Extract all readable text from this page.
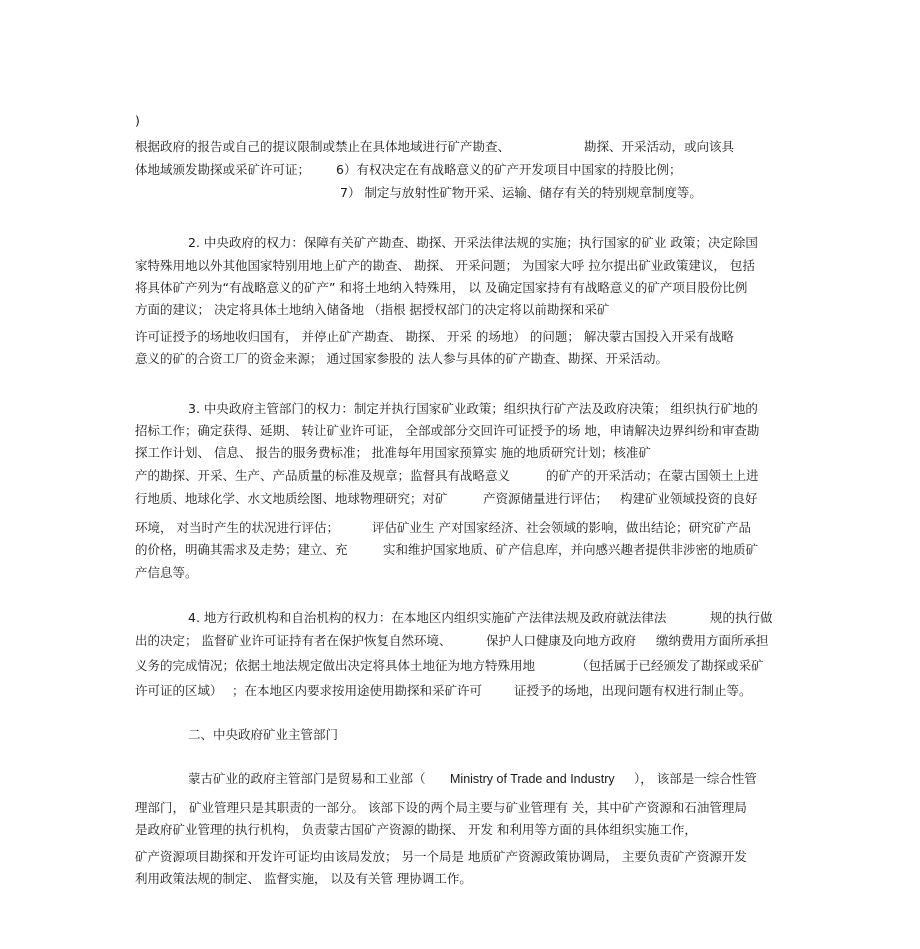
)
根据政府的报告或自己的提议限制或禁止在具体地域进行矿产勘查、	勘探、开采活动，或向该具
体地域颁发勘探或采矿许可证； 6）有权决定在有战略意义的矿产开发项目中国家的持股比例；
7） 制定与放射性矿物开采、运输、储存有关的特别规章制度等。
2. 中央政府的权力：保障有关矿产勘查、勘探、开采法律法规的实施；执行国家的矿业 政策；决定除国
家特殊用地以外其他国家特别用地上矿产的勘查、 勘探、 开采问题； 为国家大呼 拉尔提出矿业政策建议， 包括
将具体矿产列为“有战略意义的矿产” 和将土地纳入特殊用， 以 及确定国家持有有战略意义的矿产项目股份比例
方面的建议； 决定将具体土地纳入储备地 （指根 据授权部门的决定将以前勘探和采矿
许可证授予的场地收归国有， 并停止矿产勘查、 勘探、 开采 的场地） 的问题； 解决蒙古国投入开采有战略
意义的矿的合资工厂的资金来源； 通过国家参股的 法人参与具体的矿产勘查、勘探、开采活动。
3. 中央政府主管部门的权力：制定并执行国家矿业政策；组织执行矿产法及政府决策； 组织执行矿地的
招标工作；确定获得、延期、 转让矿业许可证， 全部或部分交回许可证授予的场 地，申请解决边界纠纷和审查勘
探工作计划、 信息、 报告的服务费标准； 批准每年用国家预算实 施的地质研究计划；核准矿
产的勘探、开采、生产、产品质量的标准及规章；监督具有战略意义	的矿产的开采活动；在蒙古国领土上进
行地质、地球化学、水文地质绘图、地球物理研究；对矿	产资源储量进行评估； 构建矿业领域投资的良好
环境， 对当时产生的状况进行评估；	评估矿业生 产对国家经济、社会领域的影响，做出结论；研究矿产品
的价格，明确其需求及走势；建立、充	实和维护国家地质、矿产信息库，并向感兴趣者提供非涉密的地质矿
产信息等。
4. 地方行政机构和自治机构的权力：在本地区内组织实施矿产法律法规及政府就法律法	规的执行做
出的决定； 监督矿业许可证持有者在保护恢复自然环境、	保护人口健康及向地方政府 缴纳费用方面所承担
义务的完成情况；依据土地法规定做出决定将具体土地征为地方特殊用地	（包括属于已经颁发了勘探或采矿
许可证的区域） ；在本地区内要求按用途使用勘探和采矿许可	证授予的场地，出现问题有权进行制止等。
二、中央政府矿业主管部门
蒙古矿业的政府主管部门是贸易和工业部（ Ministry of Trade and Industry ）， 该部是一综合性管
理部门， 矿业管理只是其职责的一部分。 该部下设的两个局主要与矿业管理有 关，其中矿产资源和石油管理局
是政府矿业管理的执行机构， 负责蒙古国矿产资源的勘探、 开发 和利用等方面的具体组织实施工作，
矿产资源项目勘探和开发许可证均由该局发放； 另一个局是 地质矿产资源政策协调局， 主要负责矿产资源开发
利用政策法规的制定、 监督实施， 以及有关管 理协调工作。
